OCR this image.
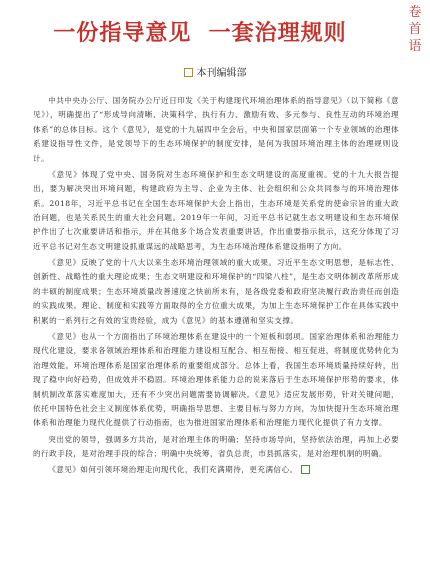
卷
首
语
一份指导意见  一套治理规则
本刊编辑部

中共中央办公厅、国务院办公厅近日印发《关于构建现代环境治理体系的指导意见》（以下简称《意见》），明确提出了“形成导向清晰、决策科学、执行有力、激励有效、多元参与、良性互动的环境治理体系”的总体目标。这个《意见》，是党的十九届四中全会后，中央和国家层面第一个专业领域的治理体系建设指导性文件，是党领导下的生态环境保护的制度安排，是何为我国环境治理主体的治理规则设计。

《意见》体现了党中央、国务院对生态环境保护和生态文明建设的高度重视。党的十九大报告提出，要为解决突出环境问题，构建政府为主导、企业为主体、社会组织和公众共同参与的环境治理体系。2018年，习近平总书记在全国生态环境保护大会上指出，生态环境是关系党的使命宗旨的重大政治问题，也是关系民生的重大社会问题。2019年一年间，习近平总书记就生态文明建设和生态环境保护作出了七次重要讲话和指示，并在其他多个场合发表重要讲话，作出重要指示批示，这充分体现了习近平总书记对生态文明建设抓重谋远的战略思考，为生态环境治理体系建设指明了方向。

《意见》反映了党的十八大以来生态环境治理领域的重大成果。习近平生态文明思想，是标志性、创新性、战略性的重大理论成果；生态文明建设和环境保护的“四梁八柱”，是生态文明体制改革所形成的丰硕的制度成果；生态环境质量改善速度之快前所未有，是各级党委和政府坚决履行政治责任而创造的实践成果。理论、制度和实践等方面取得的全方位重大成果，为加上生态环境保护工作在具体实践中积累的一系列行之有效的宝贵经验，成为《意见》的基本遵循和坚实支撑。

《意见》也从一个方面指出了环境治理体系在建设中的一个短板和弱项。国家治理体系和治理能力现代化建设，要求各领域治理体系和治理能力建设相互配合、相互衔接、相互促进，将制度优势转化为治理效能。环境治理体系是国家治理体系的重要组成部分。总体上看，我国生态环境质量持续好转，出现了稳中向好趋势，但成效并不稳固。环境治理体系能力总的说来落后于生态环境保护形势的要求，体制机制改革落实难度加大，还有不少突出问题需要协调解决。《意见》适应发展形势，针对关键问题，依托中国特色社会主义制度体系优势，明确指导思想、主要目标与努力方向，为加快提升生态环境治理体系和治理能力现代化提供了行动指南，也为推进国家治理体系和治理能力现代化提供了有力支撑。

突出党的领导，强调多方共治，是对治理主体的明确；坚持市场导向，坚持依法治理，再加上必要的行政手段，是对治理手段的综合；明确中央统筹，省负总责，市县抓落实，是对治理机制的明确。

《意见》如何引领环境治理走向现代化，我们充满期待，更充满信心。
